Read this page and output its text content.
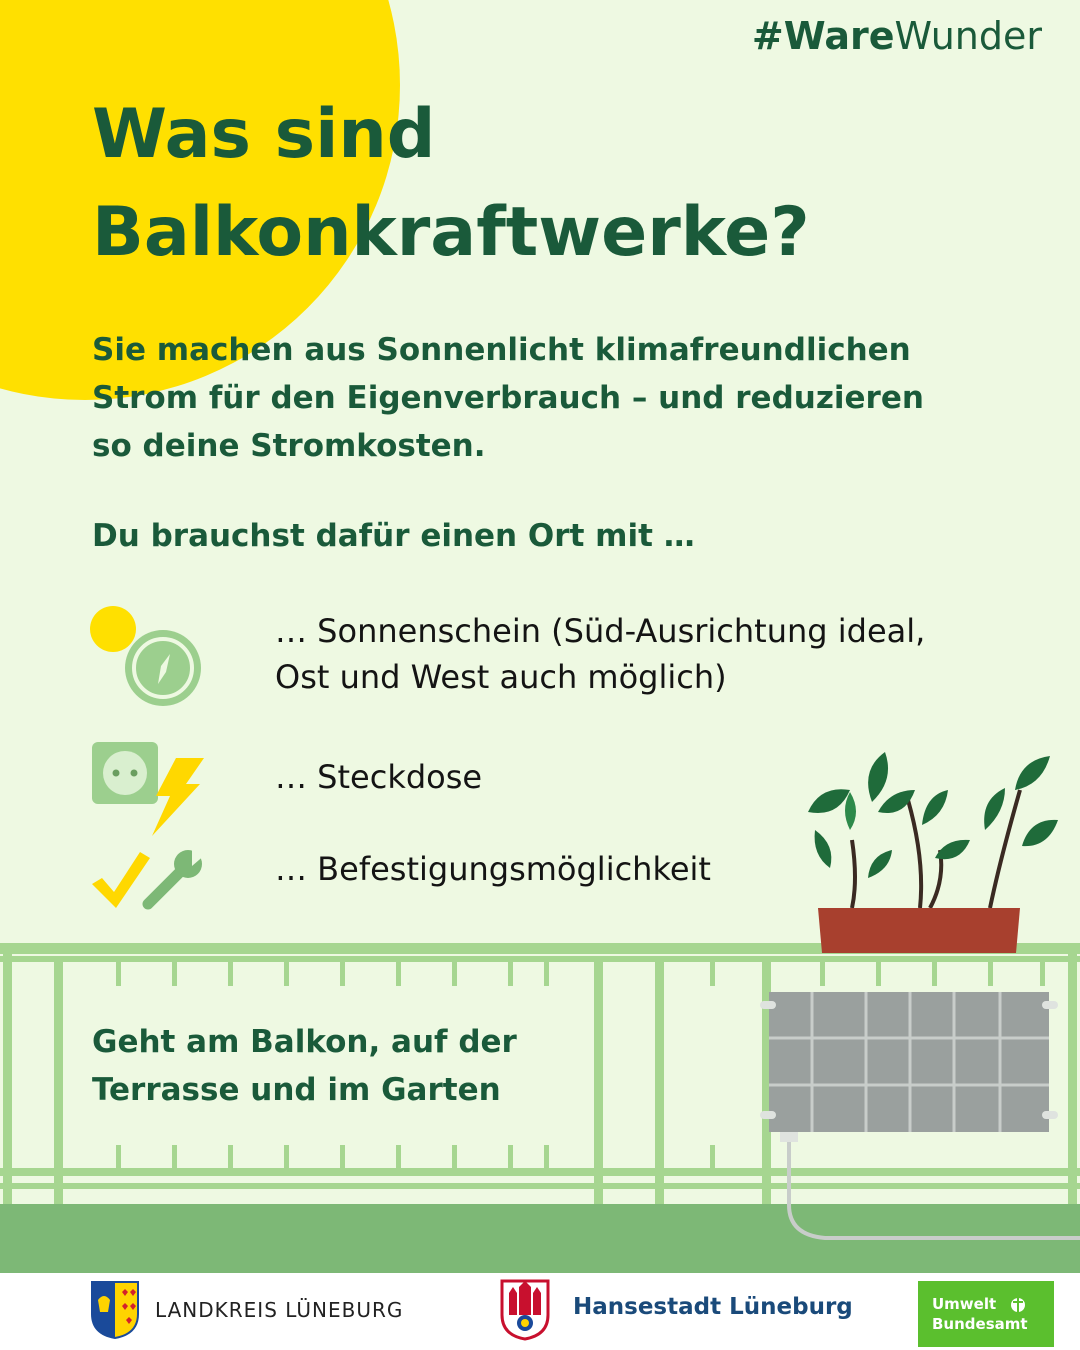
#WareWunder
Was sind
Balkonkraftwerke?
Sie machen aus Sonnenlicht klimafreundlichen
Strom für den Eigenverbrauch – und reduzieren
so deine Stromkosten.
Du brauchst dafür einen Ort mit …
… Sonnenschein (Süd-Ausrichtung ideal,
Ost und West auch möglich)
… Steckdose
… Befestigungsmöglichkeit
Geht am Balkon, auf der
Terrasse und im Garten
LANDKREIS LÜNEBURG	Hansestadt Lüneburg	Umwelt
Bundesamt
